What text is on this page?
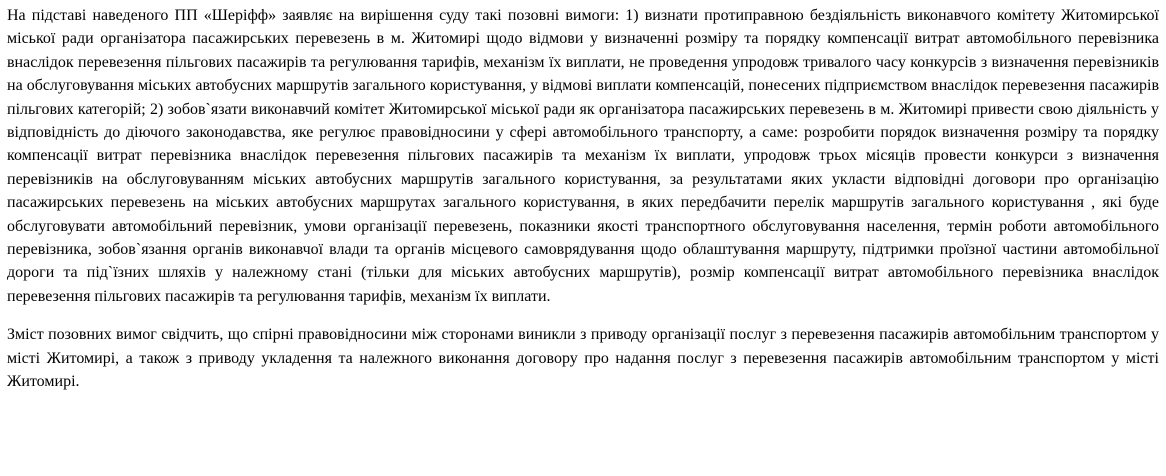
На підставі наведеного ПП «Шерiфф» заявляє на вирішення суду такі позовні вимоги: 1) визнати протиправною бездіяльність виконавчого комітету Житомирської міської ради організатора пасажирських перевезень в м. Житомирі щодо відмови у визначенні розміру та порядку компенсації витрат автомобільного перевізника внаслідок перевезення пільгових пасажирів та регулювання тарифів, механізм їх виплати, не проведення упродовж тривалого часу конкурсів з визначення перевізників на обслуговування міських автобусних маршрутів загального користування, у відмові виплати компенсацій, понесених підприємством внаслідок перевезення пасажирів пільгових категорій; 2) зобов`язати виконавчий комітет Житомирської міської ради як організатора пасажирських перевезень в м. Житомирі привести свою діяльність у відповідність до діючого законодавства, яке регулює правовідносини у сфері автомобільного транспорту, а саме: розробити порядок визначення розміру та порядку компенсації витрат перевізника внаслідок перевезення пільгових пасажирів та механізм їх виплати, упродовж трьох місяців провести конкурси з визначення перевізників на обслуговуванням міських автобусних маршрутів загального користування, за результатами яких укласти відповідні договори про організацію пасажирських перевезень на міських автобусних маршрутах загального користування, в яких передбачити перелік маршрутів загального користування , які буде обслуговувати автомобільний перевізник, умови організації перевезень, показники якості транспортного обслуговування населення, термін роботи автомобільного перевізника, зобов`язання органів виконавчої влади та органів місцевого самоврядування щодо облаштування маршруту, підтримки проїзної частини автомобільної дороги та під`їзних шляхів у належному стані (тільки для міських автобусних маршрутів), розмір компенсації витрат автомобільного перевізника внаслідок перевезення пільгових пасажирів та регулювання тарифів, механізм їх виплати.

Зміст позовних вимог свідчить, що спірні правовідносини між сторонами виникли з приводу організації послуг з перевезення пасажирів автомобільним транспортом у місті Житомирі, а також з приводу укладення та належного виконання договору про надання послуг з перевезення пасажирів автомобільним транспортом у місті Житомирі.
